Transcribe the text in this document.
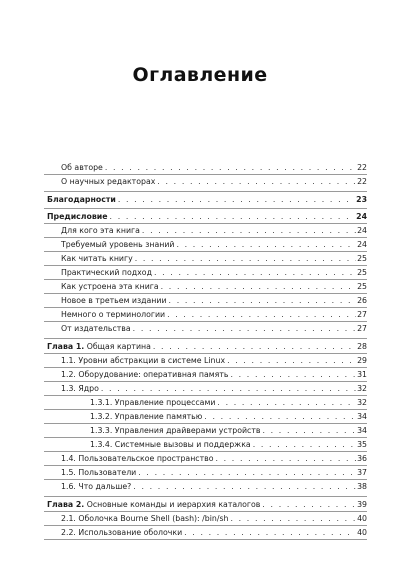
Оглавление
Об авторе . . .	22
О научных редакторах . . .	22
Благодарности . . .	23
Предисловие . . .	24
Для кого эта книга . . .	24
Требуемый уровень знаний . . .	24
Как читать книгу . . .	25
Практический подход . . .	25
Как устроена эта книга . . .	25
Новое в третьем издании . . .	26
Немного о терминологии . . .	27
От издательства . . .	27
Глава 1. Общая картина . . .	28
1.1. Уровни абстракции в системе Linux . . .	29
1.2. Оборудование: оперативная память . . .	31
1.3. Ядро . . .	32
1.3.1. Управление процессами . . .	32
1.3.2. Управление памятью . . .	34
1.3.3. Управления драйверами устройств . . .	34
1.3.4. Системные вызовы и поддержка . . .	35
1.4. Пользовательское пространство . . .	36
1.5. Пользователи . . .	37
1.6. Что дальше? . . .	38
Глава 2. Основные команды и иерархия каталогов . . .	39
2.1. Оболочка Bourne Shell (bash): /bin/sh . . .	40
2.2. Использование оболочки . . .	40
